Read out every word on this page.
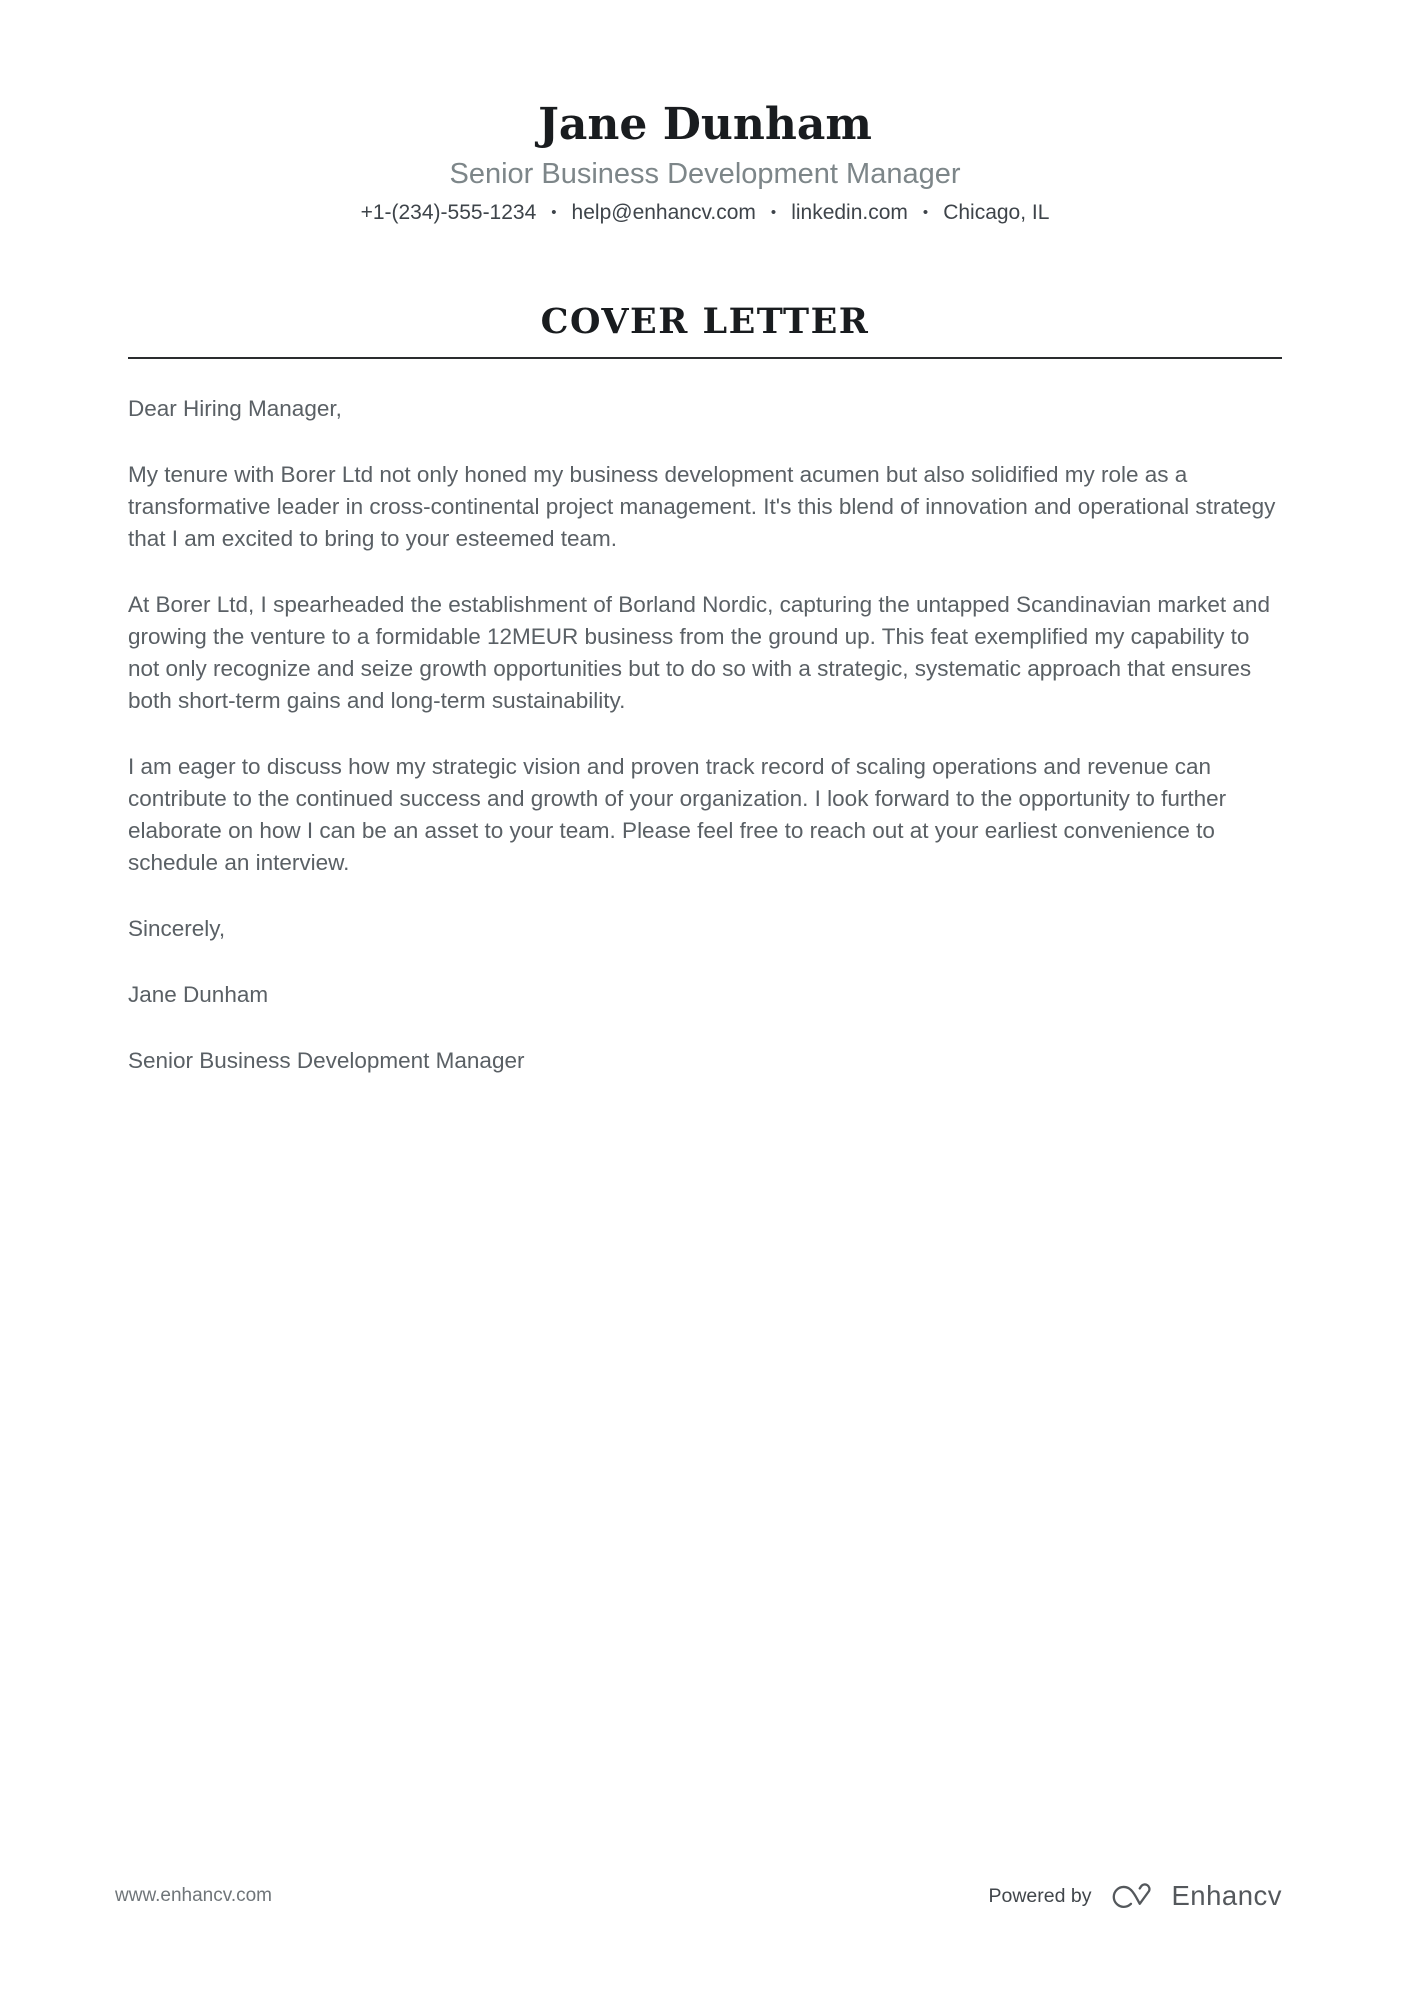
Jane Dunham
Senior Business Development Manager
+1-(234)-555-1234 • help@enhancv.com • linkedin.com • Chicago, IL
COVER LETTER

Dear Hiring Manager,

My tenure with Borer Ltd not only honed my business development acumen but also solidified my role as a transformative leader in cross-continental project management. It's this blend of innovation and operational strategy that I am excited to bring to your esteemed team.

At Borer Ltd, I spearheaded the establishment of Borland Nordic, capturing the untapped Scandinavian market and growing the venture to a formidable 12MEUR business from the ground up. This feat exemplified my capability to not only recognize and seize growth opportunities but to do so with a strategic, systematic approach that ensures both short-term gains and long-term sustainability.

I am eager to discuss how my strategic vision and proven track record of scaling operations and revenue can contribute to the continued success and growth of your organization. I look forward to the opportunity to further elaborate on how I can be an asset to your team. Please feel free to reach out at your earliest convenience to schedule an interview.

Sincerely,

Jane Dunham

Senior Business Development Manager

www.enhancv.com	Powered by	Enhancv
